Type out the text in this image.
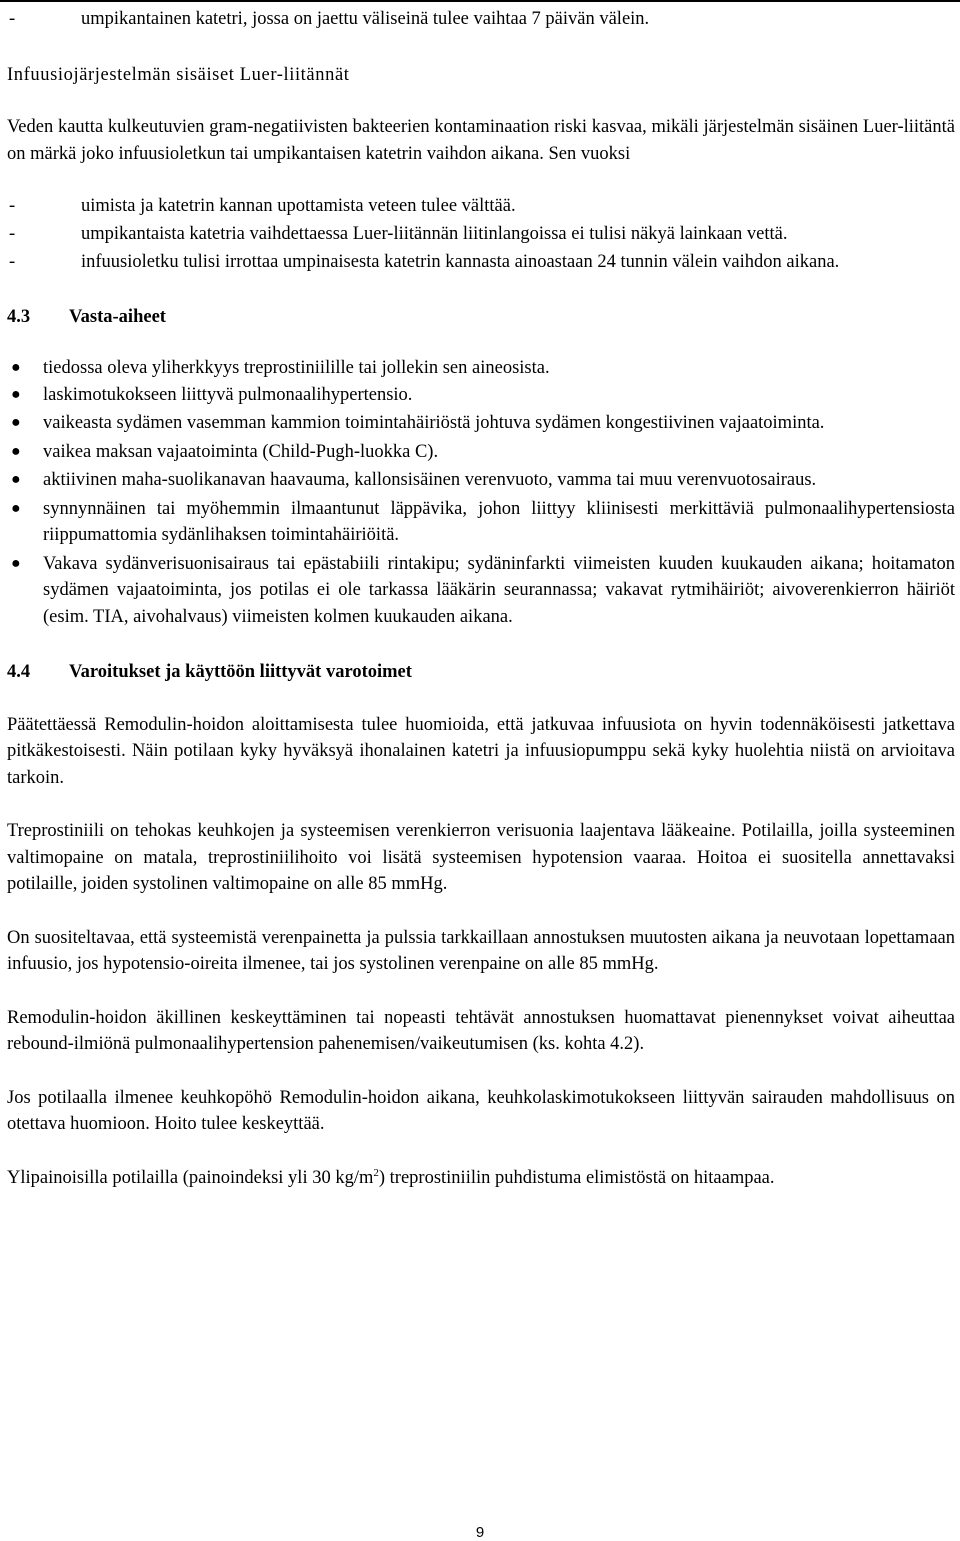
-	umpikantainen katetri, jossa on jaettu väliseinä tulee vaihtaa 7 päivän välein.

Infuusiojärjestelmän sisäiset Luer-liitännät

Veden kautta kulkeutuvien gram-negatiivisten bakteerien kontaminaation riski kasvaa, mikäli järjestelmän sisäinen Luer-liitäntä on märkä joko infuusioletkun tai umpikantaisen katetrin vaihdon aikana. Sen vuoksi

-	uimista ja katetrin kannan upottamista veteen tulee välttää.
-	umpikantaista katetria vaihdettaessa Luer-liitännän liitinlangoissa ei tulisi näkyä lainkaan vettä.
-	infuusioletku tulisi irrottaa umpinaisesta katetrin kannasta ainoastaan 24 tunnin välein vaihdon aikana.
4.3 Vasta-aiheet
● tiedossa oleva yliherkkyys treprostiniilille tai jollekin sen aineosista.
● laskimotukokseen liittyvä pulmonaalihypertensio.
● vaikeasta sydämen vasemman kammion toimintahäiriöstä johtuva sydämen kongestiivinen vajaatoiminta.
● vaikea maksan vajaatoiminta (Child-Pugh-luokka C).
● aktiivinen maha-suolikanavan haavauma, kallonsisäinen verenvuoto, vamma tai muu verenvuotosairaus.
● synnynnäinen tai myöhemmin ilmaantunut läppävika, johon liittyy kliinisesti merkittäviä pulmonaalihypertensiosta riippumattomia sydänlihaksen toimintahäiriöitä.
● Vakava sydänverisuonisairaus tai epästabiili rintakipu; sydäninfarkti viimeisten kuuden kuukauden aikana; hoitamaton sydämen vajaatoiminta, jos potilas ei ole tarkassa lääkärin seurannassa; vakavat rytmihäiriöt; aivoverenkierron häiriöt (esim. TIA, aivohalvaus) viimeisten kolmen kuukauden aikana.
4.4 Varoitukset ja käyttöön liittyvät varotoimet

Päätettäessä Remodulin-hoidon aloittamisesta tulee huomioida, että jatkuvaa infuusiota on hyvin todennäköisesti jatkettava pitkäkestoisesti. Näin potilaan kyky hyväksyä ihonalainen katetri ja infuusiopumppu sekä kyky huolehtia niistä on arvioitava tarkoin.

Treprostiniili on tehokas keuhkojen ja systeemisen verenkierron verisuonia laajentava lääkeaine. Potilailla, joilla systeeminen valtimopaine on matala, treprostiniilihoito voi lisätä systeemisen hypotension vaaraa. Hoitoa ei suositella annettavaksi potilaille, joiden systolinen valtimopaine on alle 85 mmHg.

On suositeltavaa, että systeemistä verenpainetta ja pulssia tarkkaillaan annostuksen muutosten aikana ja neuvotaan lopettamaan infuusio, jos hypotensio-oireita ilmenee, tai jos systolinen verenpaine on alle 85 mmHg.

Remodulin-hoidon äkillinen keskeyttäminen tai nopeasti tehtävät annostuksen huomattavat pienennykset voivat aiheuttaa rebound-ilmiönä pulmonaalihypertension pahenemisen/vaikeutumisen (ks. kohta 4.2).

Jos potilaalla ilmenee keuhkopöhö Remodulin-hoidon aikana, keuhkolaskimotukokseen liittyvän sairauden mahdollisuus on otettava huomioon. Hoito tulee keskeyttää.

Ylipainoisilla potilailla (painoindeksi yli 30 $kg/m^2$) treprostiniilin puhdistuma elimistöstä on hitaampaa.

9
